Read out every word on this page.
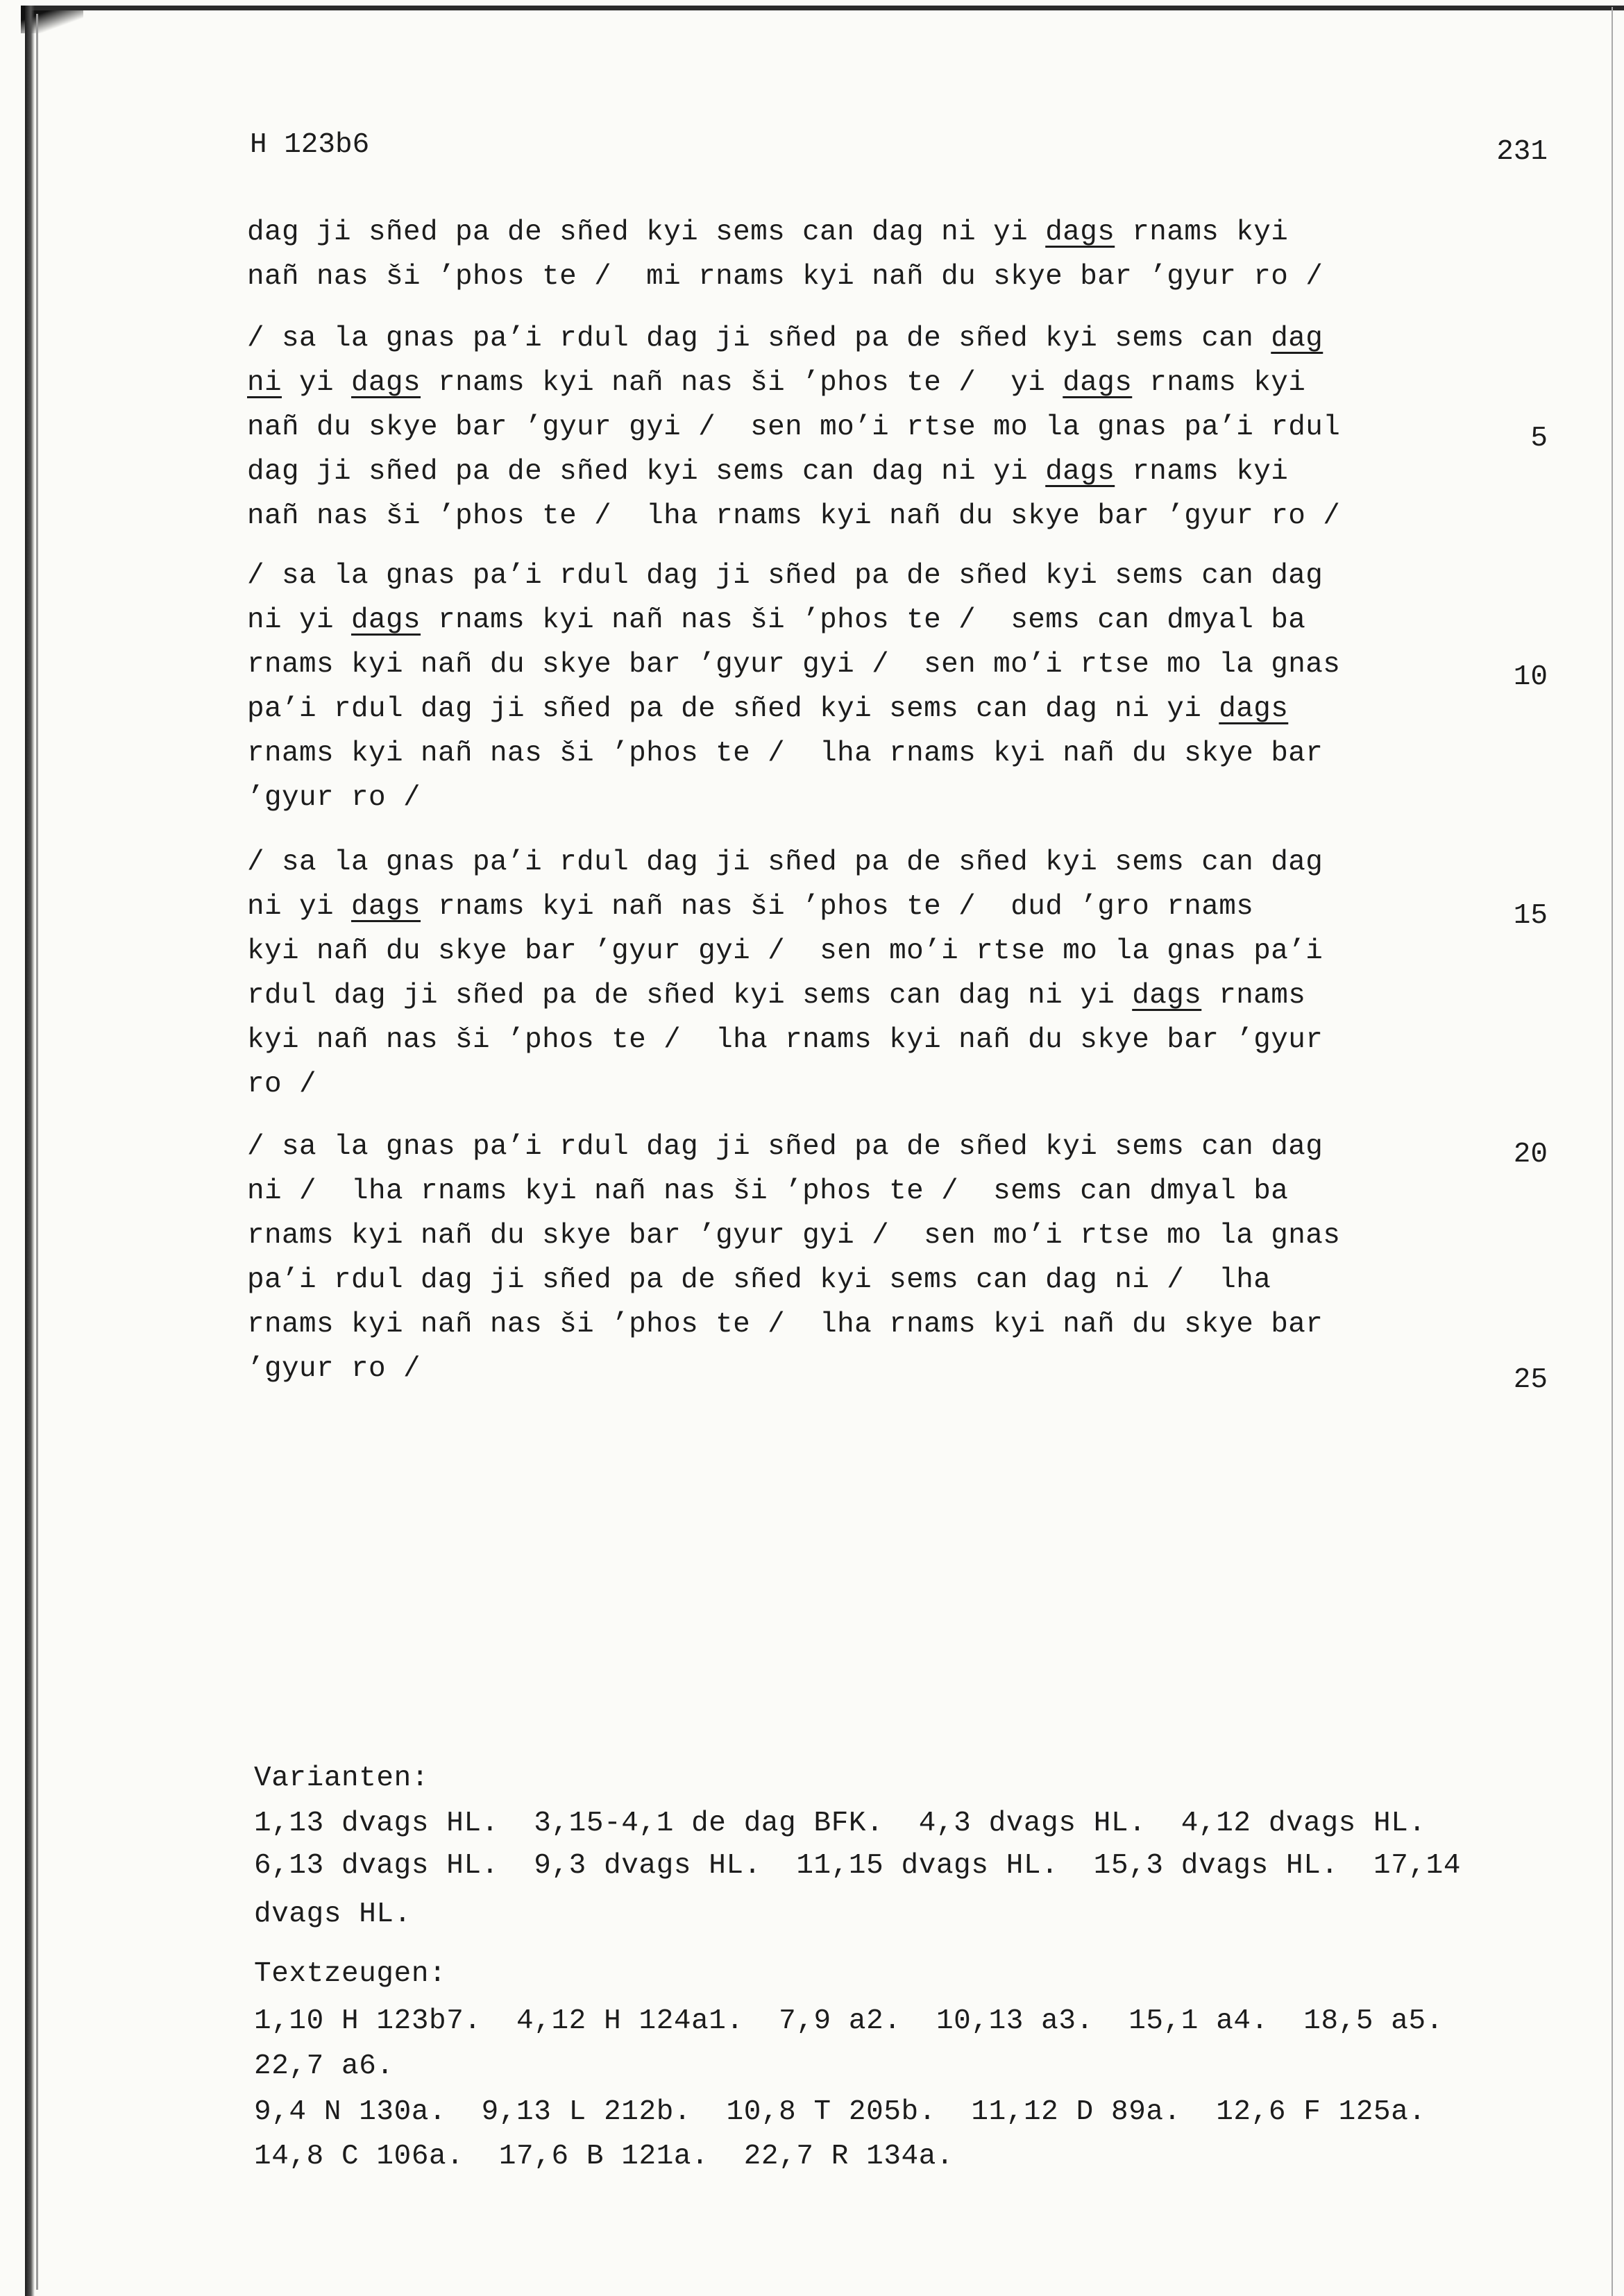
H 123b6	231
dag ji sñed pa de sñed kyi sems can dag ni yi dags rnams kyi
nañ nas ši ’phos te /  mi rnams kyi nañ du skye bar ’gyur ro /
/ sa la gnas pa’i rdul dag ji sñed pa de sñed kyi sems can dag
ni yi dags rnams kyi nañ nas ši ’phos te /  yi dags rnams kyi
nañ du skye bar ’gyur gyi /  sen mo’i rtse mo la gnas pa’i rdul
dag ji sñed pa de sñed kyi sems can dag ni yi dags rnams kyi
nañ nas ši ’phos te /  lha rnams kyi nañ du skye bar ’gyur ro /
/ sa la gnas pa’i rdul dag ji sñed pa de sñed kyi sems can dag
ni yi dags rnams kyi nañ nas ši ’phos te /  sems can dmyal ba
rnams kyi nañ du skye bar ’gyur gyi /  sen mo’i rtse mo la gnas
pa’i rdul dag ji sñed pa de sñed kyi sems can dag ni yi dags
rnams kyi nañ nas ši ’phos te /  lha rnams kyi nañ du skye bar
’gyur ro /
/ sa la gnas pa’i rdul dag ji sñed pa de sñed kyi sems can dag
ni yi dags rnams kyi nañ nas ši ’phos te /  dud ’gro rnams
kyi nañ du skye bar ’gyur gyi /  sen mo’i rtse mo la gnas pa’i
rdul dag ji sñed pa de sñed kyi sems can dag ni yi dags rnams
kyi nañ nas ši ’phos te /  lha rnams kyi nañ du skye bar ’gyur
ro /
/ sa la gnas pa’i rdul dag ji sñed pa de sñed kyi sems can dag
ni /  lha rnams kyi nañ nas ši ’phos te /  sems can dmyal ba
rnams kyi nañ du skye bar ’gyur gyi /  sen mo’i rtse mo la gnas
pa’i rdul dag ji sñed pa de sñed kyi sems can dag ni /  lha
rnams kyi nañ nas ši ’phos te /  lha rnams kyi nañ du skye bar
’gyur ro /
5
10
15
20
25
Varianten:
1,13 dvags HL.  3,15-4,1 de dag BFK.  4,3 dvags HL.  4,12 dvags HL.
6,13 dvags HL.  9,3 dvags HL.  11,15 dvags HL.  15,3 dvags HL.  17,14
dvags HL.
Textzeugen:
1,10 H 123b7.  4,12 H 124a1.  7,9 a2.  10,13 a3.  15,1 a4.  18,5 a5.
22,7 a6.
9,4 N 130a.  9,13 L 212b.  10,8 T 205b.  11,12 D 89a.  12,6 F 125a.
14,8 C 106a.  17,6 B 121a.  22,7 R 134a.
